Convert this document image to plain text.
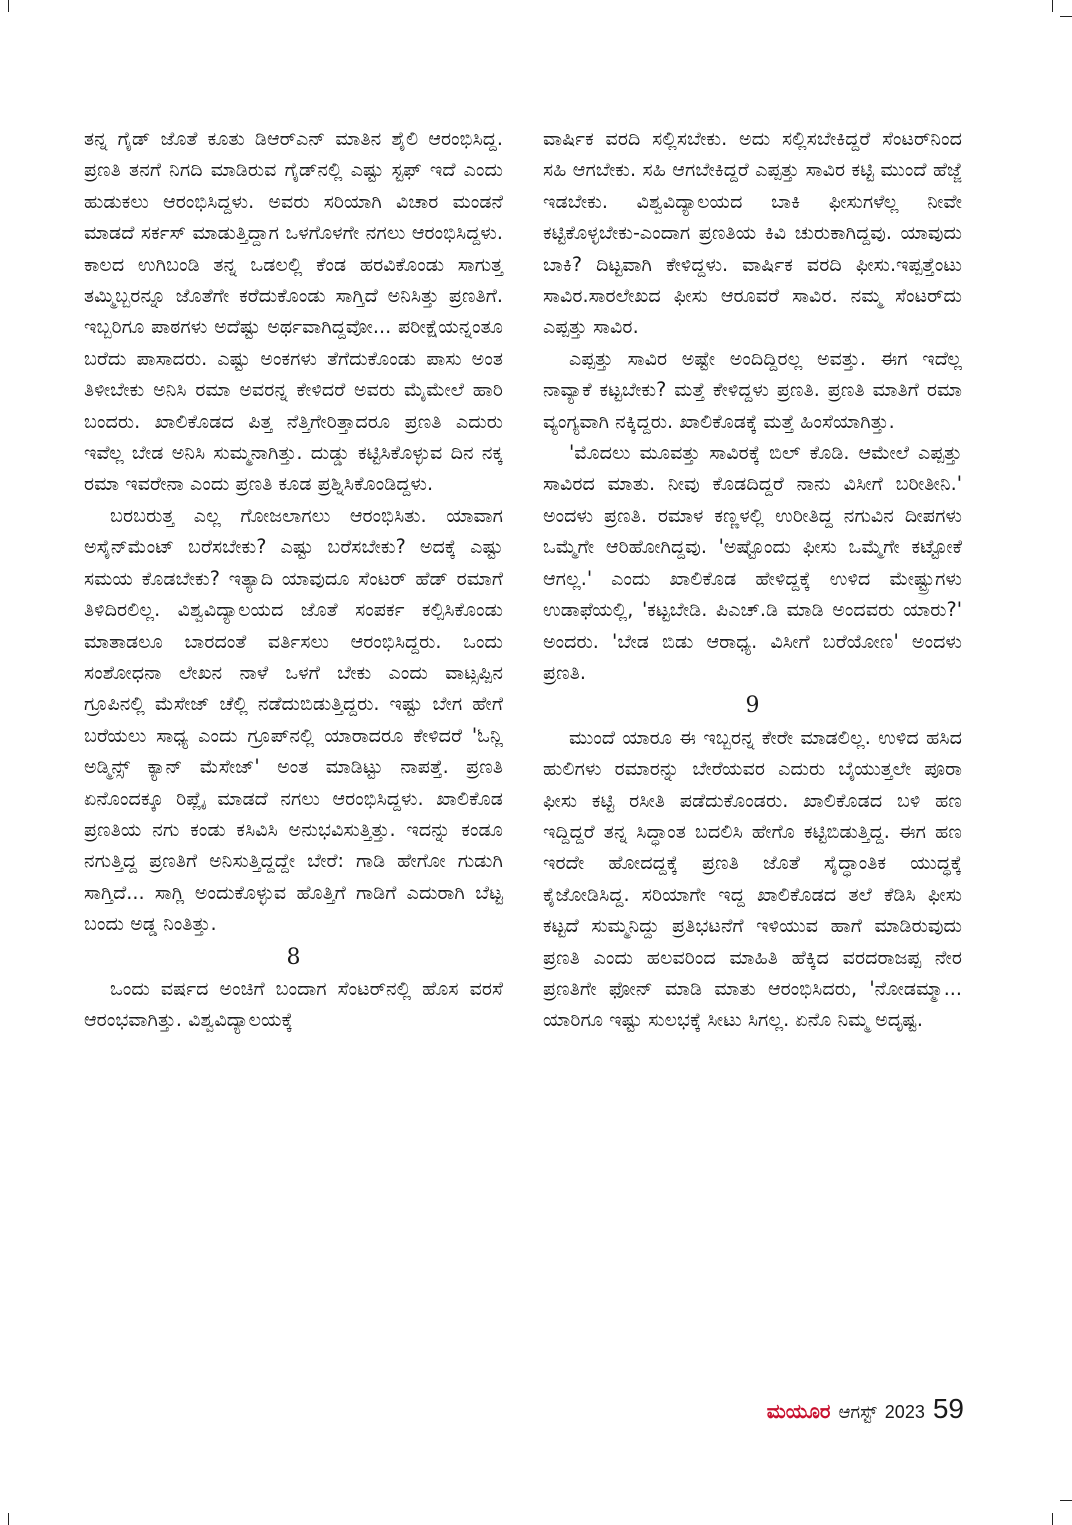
ತನ್ನ ಗೈಡ್ ಜೊತೆ ಕೂತು ಡಿಆರ್‌ಎನ್ ಮಾತಿನ ಶೈಲಿ ಆರಂಭಿಸಿದ್ದ. ಪ್ರಣತಿ ತನಗೆ ನಿಗದಿ ಮಾಡಿರುವ ಗೈಡ್‌ನಲ್ಲಿ ಎಷ್ಟು ಸ್ಟಫ್ ಇದೆ ಎಂದು ಹುಡುಕಲು ಆರಂಭಿಸಿದ್ದಳು. ಅವರು ಸರಿಯಾಗಿ ವಿಚಾರ ಮಂಡನೆ ಮಾಡದೆ ಸರ್ಕಸ್ ಮಾಡುತ್ತಿದ್ದಾಗ ಒಳಗೊಳಗೇ ನಗಲು ಆರಂಭಿಸಿದ್ದಳು. ಕಾಲದ ಉಗಿಬಂಡಿ ತನ್ನ ಒಡಲಲ್ಲಿ ಕೆಂಡ ಹರವಿಕೊಂಡು ಸಾಗುತ್ತ ತಮ್ಮಿಬ್ಬರನ್ನೂ ಜೊತೆಗೇ ಕರೆದುಕೊಂಡು ಸಾಗ್ತಿದೆ ಅನಿಸಿತ್ತು ಪ್ರಣತಿಗೆ. ಇಬ್ಬರಿಗೂ ಪಾಠಗಳು ಅದೆಷ್ಟು ಅರ್ಥವಾಗಿದ್ದವೋ... ಪರೀಕ್ಷೆಯನ್ನಂತೂ ಬರೆದು ಪಾಸಾದರು. ಎಷ್ಟು ಅಂಕಗಳು ತೆಗೆದುಕೊಂಡು ಪಾಸು ಅಂತ ತಿಳೀಬೇಕು ಅನಿಸಿ ರಮಾ ಅವರನ್ನ ಕೇಳಿದರೆ ಅವರು ಮೈಮೇಲೆ ಹಾರಿ ಬಂದರು. ಖಾಲಿಕೊಡದ ಪಿತ್ತ ನೆತ್ತಿಗೇರಿತ್ತಾದರೂ ಪ್ರಣತಿ ಎದುರು ಇವೆಲ್ಲ ಬೇಡ ಅನಿಸಿ ಸುಮ್ಮನಾಗಿತ್ತು. ದುಡ್ಡು ಕಟ್ಟಿಸಿಕೊಳ್ಳುವ ದಿನ ನಕ್ಕ ರಮಾ ಇವರೇನಾ ಎಂದು ಪ್ರಣತಿ ಕೂಡ ಪ್ರಶ್ನಿಸಿಕೊಂಡಿದ್ದಳು.

ಬರಬರುತ್ತ ಎಲ್ಲ ಗೋಜಲಾಗಲು ಆರಂಭಿಸಿತು. ಯಾವಾಗ ಅಸೈನ್‌ಮೆಂಟ್ ಬರೆಸಬೇಕು? ಎಷ್ಟು ಬರೆಸಬೇಕು? ಅದಕ್ಕೆ ಎಷ್ಟು ಸಮಯ ಕೊಡಬೇಕು? ಇತ್ಯಾದಿ ಯಾವುದೂ ಸೆಂಟರ್ ಹೆಡ್ ರಮಾಗೆ ತಿಳಿದಿರಲಿಲ್ಲ. ವಿಶ್ವವಿದ್ಯಾಲಯದ ಜೊತೆ ಸಂಪರ್ಕ ಕಲ್ಪಿಸಿಕೊಂಡು ಮಾತಾಡಲೂ ಬಾರದಂತೆ ವರ್ತಿಸಲು ಆರಂಭಿಸಿದ್ದರು. ಒಂದು ಸಂಶೋಧನಾ ಲೇಖನ ನಾಳೆ ಒಳಗೆ ಬೇಕು ಎಂದು ವಾಟ್ಸಪ್ಪಿನ ಗ್ರೂಪಿನಲ್ಲಿ ಮೆಸೇಜ್ ಚೆಲ್ಲಿ ನಡೆದುಬಿಡುತ್ತಿದ್ದರು. ಇಷ್ಟು ಬೇಗ ಹೇಗೆ ಬರೆಯಲು ಸಾಧ್ಯ ಎಂದು ಗ್ರೂಪ್‌ನಲ್ಲಿ ಯಾರಾದರೂ ಕೇಳಿದರೆ 'ಓನ್ಲಿ ಅಡ್ಮಿನ್ಸ್ ಕ್ಯಾನ್ ಮೆಸೇಜ್' ಅಂತ ಮಾಡಿಟ್ಟು ನಾಪತ್ತೆ. ಪ್ರಣತಿ ಏನೊಂದಕ್ಕೂ ರಿಪ್ಲೈ ಮಾಡದೆ ನಗಲು ಆರಂಭಿಸಿದ್ದಳು. ಖಾಲಿಕೊಡ ಪ್ರಣತಿಯ ನಗು ಕಂಡು ಕಸಿವಿಸಿ ಅನುಭವಿಸುತ್ತಿತ್ತು. ಇದನ್ನು ಕಂಡೂ ನಗುತ್ತಿದ್ದ ಪ್ರಣತಿಗೆ ಅನಿಸುತ್ತಿದ್ದದ್ದೇ ಬೇರೆ: ಗಾಡಿ ಹೇಗೋ ಗುಡುಗಿ ಸಾಗ್ತಿದೆ... ಸಾಗ್ಲಿ ಅಂದುಕೊಳ್ಳುವ ಹೊತ್ತಿಗೆ ಗಾಡಿಗೆ ಎದುರಾಗಿ ಬೆಟ್ಟ ಬಂದು ಅಡ್ಡ ನಿಂತಿತ್ತು.

8

ಒಂದು ವರ್ಷದ ಅಂಚಿಗೆ ಬಂದಾಗ ಸೆಂಟರ್‌ನಲ್ಲಿ ಹೊಸ ವರಸೆ ಆರಂಭವಾಗಿತ್ತು. ವಿಶ್ವವಿದ್ಯಾಲಯಕ್ಕೆ

ವಾರ್ಷಿಕ ವರದಿ ಸಲ್ಲಿಸಬೇಕು. ಅದು ಸಲ್ಲಿಸಬೇಕಿದ್ದರೆ ಸೆಂಟರ್‌ನಿಂದ ಸಹಿ ಆಗಬೇಕು. ಸಹಿ ಆಗಬೇಕಿದ್ದರೆ ಎಪ್ಪತ್ತು ಸಾವಿರ ಕಟ್ಟಿ ಮುಂದೆ ಹೆಜ್ಜೆ ಇಡಬೇಕು. ವಿಶ್ವವಿದ್ಯಾಲಯದ ಬಾಕಿ ಫೀಸುಗಳೆಲ್ಲ ನೀವೇ ಕಟ್ಟಿಕೊಳ್ಳಬೇಕು-ಎಂದಾಗ ಪ್ರಣತಿಯ ಕಿವಿ ಚುರುಕಾಗಿದ್ದವು. ಯಾವುದು ಬಾಕಿ? ದಿಟ್ಟವಾಗಿ ಕೇಳಿದ್ದಳು. ವಾರ್ಷಿಕ ವರದಿ ಫೀಸು.ಇಪ್ಪತ್ತೆಂಟು ಸಾವಿರ.ಸಾರಲೇಖದ ಫೀಸು ಆರೂವರೆ ಸಾವಿರ. ನಮ್ಮ ಸೆಂಟರ್‌ದು ಎಪ್ಪತ್ತು ಸಾವಿರ.

ಎಪ್ಪತ್ತು ಸಾವಿರ ಅಷ್ಟೇ ಅಂದಿದ್ದಿರಲ್ಲ ಅವತ್ತು. ಈಗ ಇದೆಲ್ಲ ನಾವ್ಯಾಕೆ ಕಟ್ಟಬೇಕು? ಮತ್ತೆ ಕೇಳಿದ್ದಳು ಪ್ರಣತಿ. ಪ್ರಣತಿ ಮಾತಿಗೆ ರಮಾ ವ್ಯಂಗ್ಯವಾಗಿ ನಕ್ಕಿದ್ದರು. ಖಾಲಿಕೊಡಕ್ಕೆ ಮತ್ತೆ ಹಿಂಸೆಯಾಗಿತ್ತು.

'ಮೊದಲು ಮೂವತ್ತು ಸಾವಿರಕ್ಕೆ ಬಿಲ್ ಕೊಡಿ. ಆಮೇಲೆ ಎಪ್ಪತ್ತು ಸಾವಿರದ ಮಾತು. ನೀವು ಕೊಡದಿದ್ದರೆ ನಾನು ವಿಸೀಗೆ ಬರೀತೀನಿ.' ಅಂದಳು ಪ್ರಣತಿ. ರಮಾಳ ಕಣ್ಣಳಲ್ಲಿ ಉರೀತಿದ್ದ ನಗುವಿನ ದೀಪಗಳು ಒಮ್ಮೆಗೇ ಆರಿಹೋಗಿದ್ದವು. 'ಅಷ್ಟೊಂದು ಫೀಸು ಒಮ್ಮೆಗೇ ಕಟ್ಟೋಕೆ ಆಗಲ್ಲ.' ಎಂದು ಖಾಲಿಕೊಡ ಹೇಳಿದ್ದಕ್ಕೆ ಉಳಿದ ಮೇಷ್ಟ್ರುಗಳು ಉಡಾಫೆಯಲ್ಲಿ, 'ಕಟ್ಟಬೇಡಿ. ಪಿಎಚ್.ಡಿ ಮಾಡಿ ಅಂದವರು ಯಾರು?' ಅಂದರು. 'ಬೇಡ ಬಿಡು ಆರಾಧ್ಯ. ವಿಸೀಗೆ ಬರೆಯೋಣ' ಅಂದಳು ಪ್ರಣತಿ.

9

ಮುಂದೆ ಯಾರೂ ಈ ಇಬ್ಬರನ್ನ ಕೇರೇ ಮಾಡಲಿಲ್ಲ. ಉಳಿದ ಹಸಿದ ಹುಲಿಗಳು ರಮಾರನ್ನು ಬೇರೆಯವರ ಎದುರು ಬೈಯುತ್ತಲೇ ಪೂರಾ ಫೀಸು ಕಟ್ಟಿ ರಸೀತಿ ಪಡೆದುಕೊಂಡರು. ಖಾಲಿಕೊಡದ ಬಳಿ ಹಣ ಇದ್ದಿದ್ದರೆ ತನ್ನ ಸಿದ್ಧಾಂತ ಬದಲಿಸಿ ಹೇಗೊ ಕಟ್ಟಿಬಿಡುತ್ತಿದ್ದ. ಈಗ ಹಣ ಇರದೇ ಹೋದದ್ದಕ್ಕೆ ಪ್ರಣತಿ ಜೊತೆ ಸೈದ್ಧಾಂತಿಕ ಯುದ್ಧಕ್ಕೆ ಕೈಜೋಡಿಸಿದ್ದ. ಸರಿಯಾಗೇ ಇದ್ದ ಖಾಲಿಕೊಡದ ತಲೆ ಕೆಡಿಸಿ ಫೀಸು ಕಟ್ಟದೆ ಸುಮ್ಮನಿದ್ದು ಪ್ರತಿಭಟನೆಗೆ ಇಳಿಯುವ ಹಾಗೆ ಮಾಡಿರುವುದು ಪ್ರಣತಿ ಎಂದು ಹಲವರಿಂದ ಮಾಹಿತಿ ಹೆಕ್ಕಿದ ವರದರಾಜಪ್ಪ ನೇರ ಪ್ರಣತಿಗೇ ಫೋನ್ ಮಾಡಿ ಮಾತು ಆರಂಭಿಸಿದರು, 'ನೋಡಮ್ಮಾ... ಯಾರಿಗೂ ಇಷ್ಟು ಸುಲಭಕ್ಕೆ ಸೀಟು ಸಿಗಲ್ಲ. ಏನೊ ನಿಮ್ಮ ಅದೃಷ್ಟ.

ಮಯೂರ ಆಗಸ್ಟ್ 2023 59
